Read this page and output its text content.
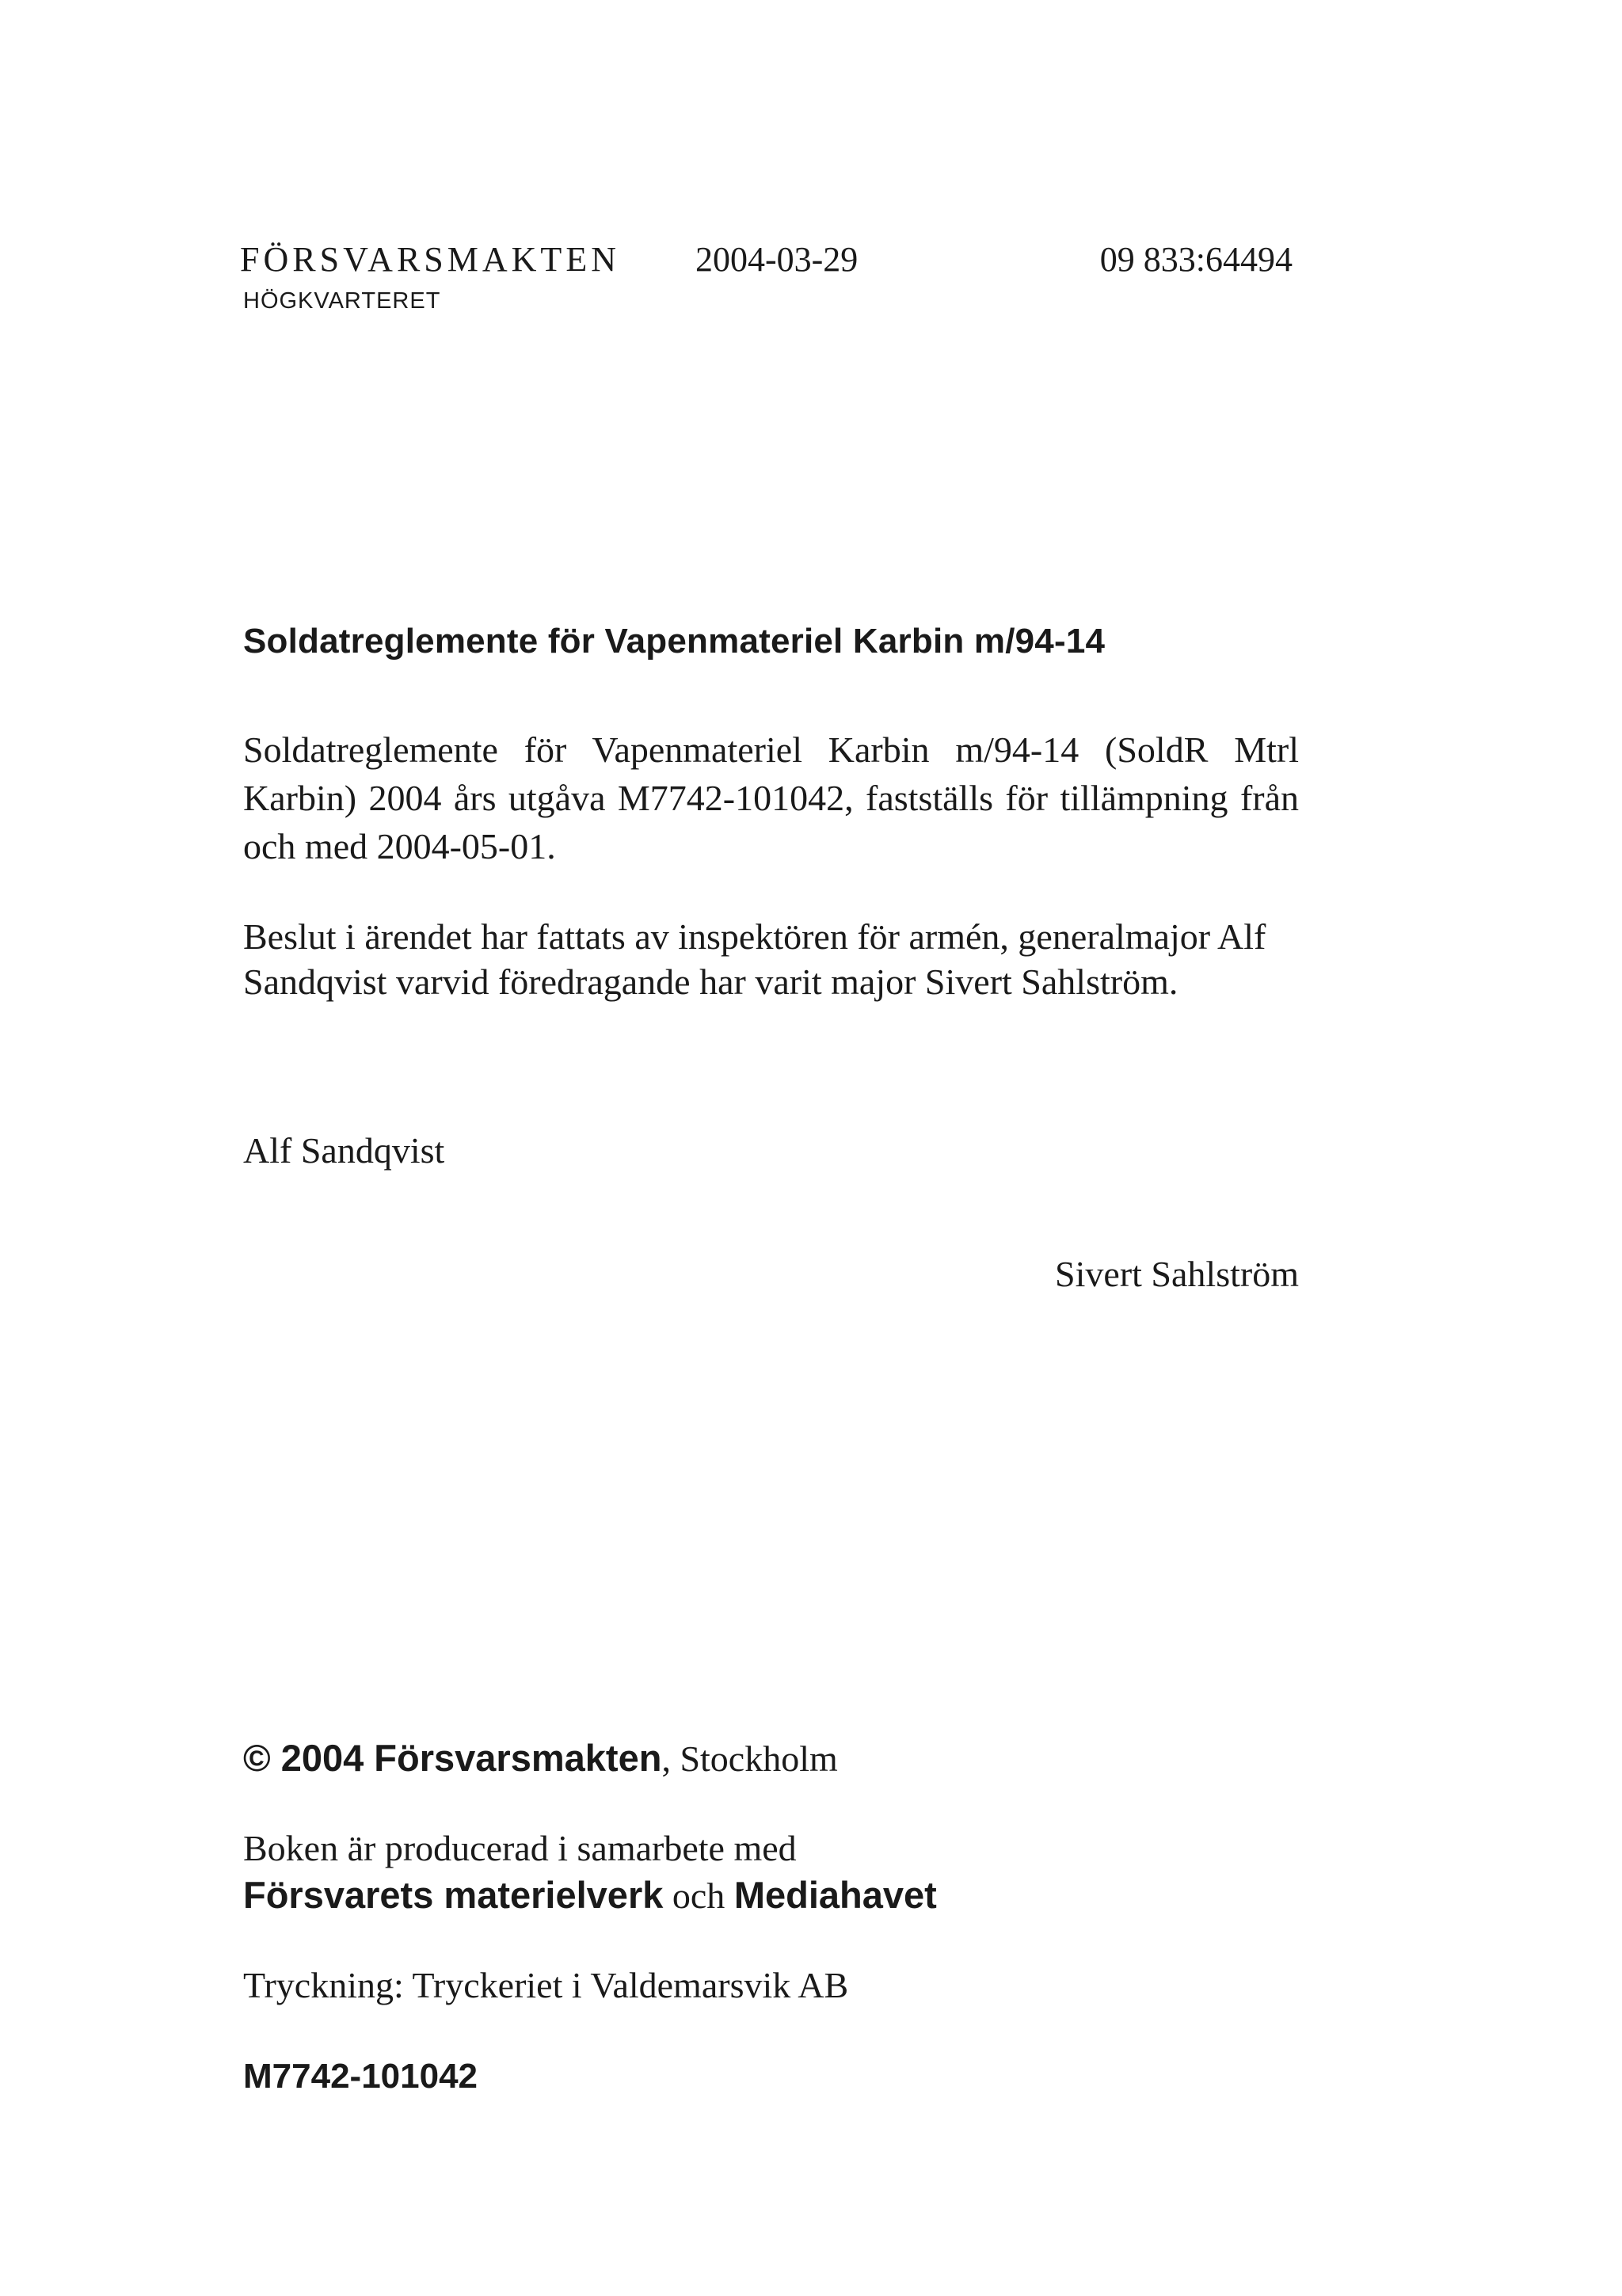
FÖRSVARSMAKTEN
HÖGKVARTERET
2004-03-29	09 833:64494
Soldatreglemente för Vapenmateriel Karbin m/94-14
Soldatreglemente för Vapenmateriel Karbin m/94-14 (SoldR Mtrl Karbin) 2004 års utgåva M7742-101042, fastställs för tillämpning från och med 2004-05-01.
Beslut i ärendet har fattats av inspektören för armén, generalmajor Alf Sandqvist varvid föredragande har varit major Sivert Sahlström.
Alf Sandqvist
Sivert Sahlström
© 2004 Försvarsmakten, Stockholm
Boken är producerad i samarbete med
Försvarets materielverk och Mediahavet
Tryckning: Tryckeriet i Valdemarsvik AB
M7742-101042
